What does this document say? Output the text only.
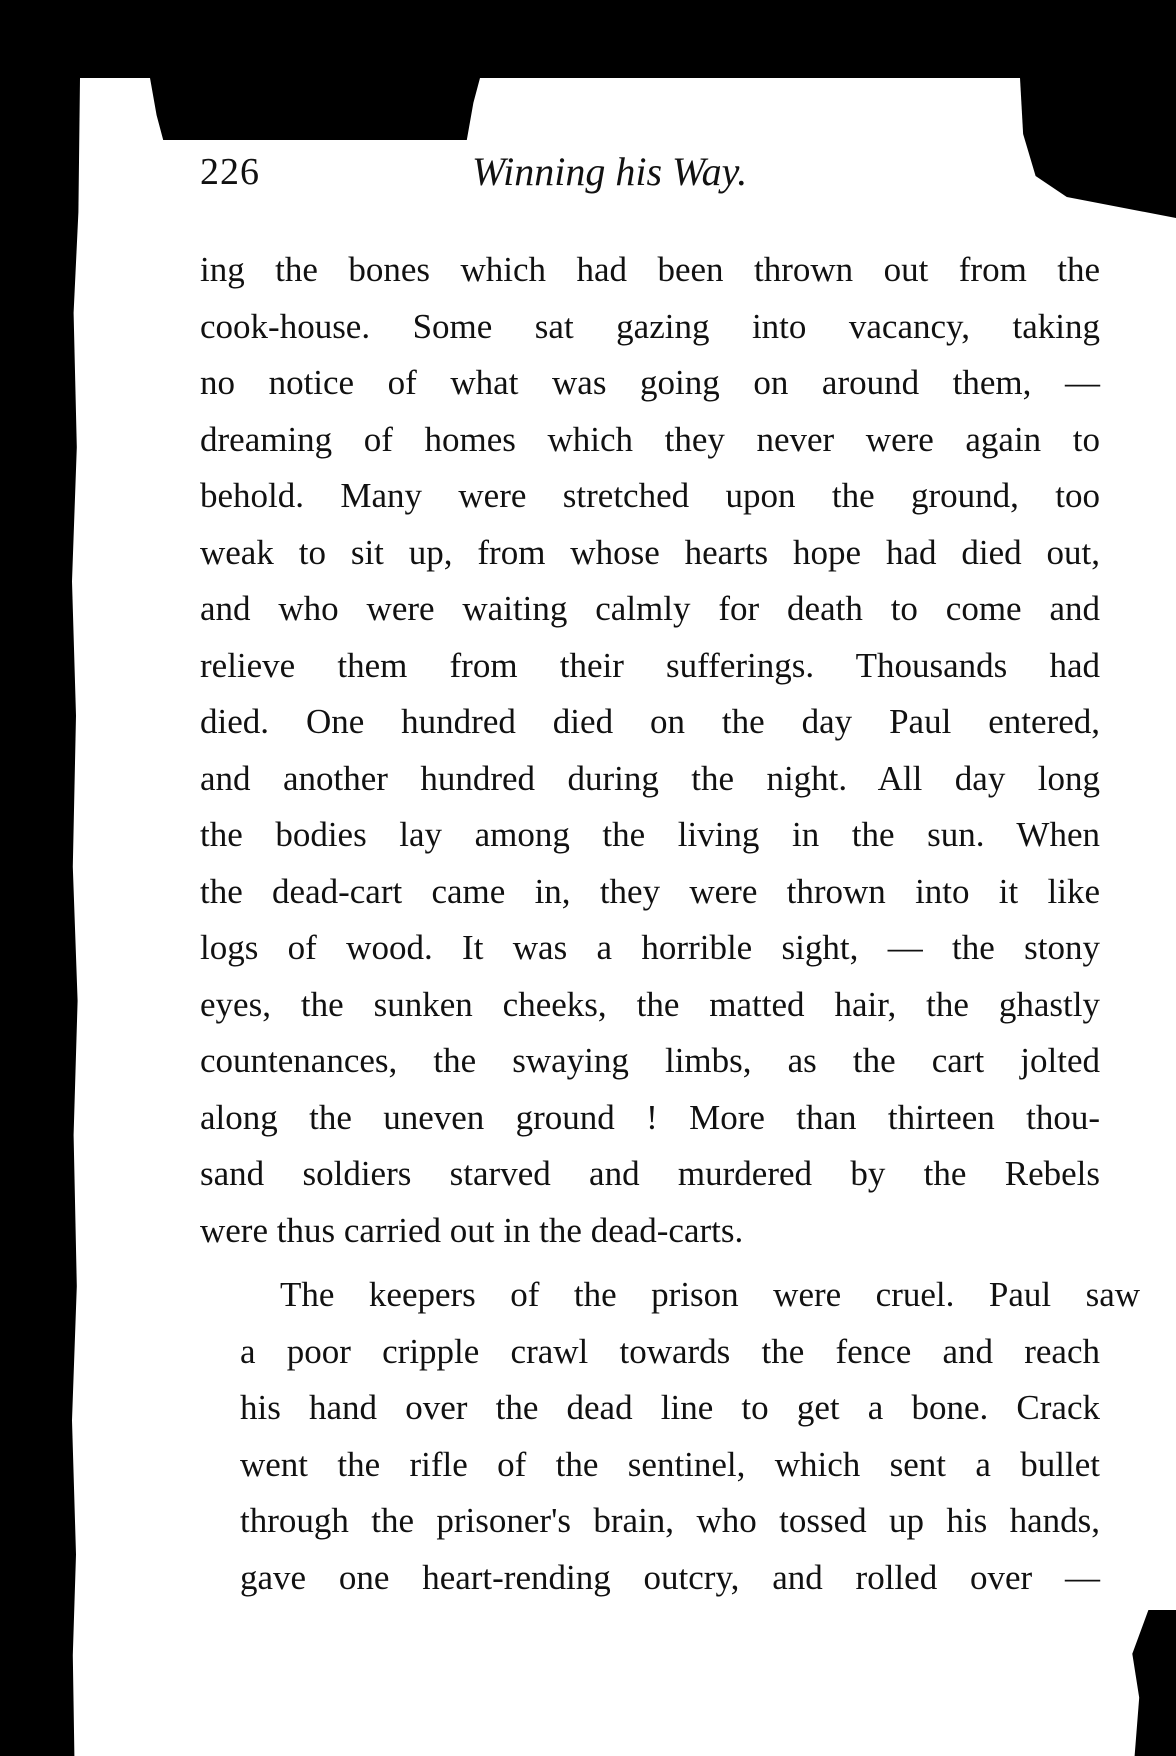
226	Winning his Way.

ing the bones which had been thrown out from the
cook-house. Some sat gazing into vacancy, taking
no notice of what was going on around them, —
dreaming of homes which they never were again to
behold. Many were stretched upon the ground, too
weak to sit up, from whose hearts hope had died out,
and who were waiting calmly for death to come and
relieve them from their sufferings. Thousands had
died. One hundred died on the day Paul entered,
and another hundred during the night. All day long
the bodies lay among the living in the sun. When
the dead-cart came in, they were thrown into it like
logs of wood. It was a horrible sight, — the stony
eyes, the sunken cheeks, the matted hair, the ghastly
countenances, the swaying limbs, as the cart jolted
along the uneven ground ! More than thirteen thou-
sand soldiers starved and murdered by the Rebels
were thus carried out in the dead-carts.

The keepers of the prison were cruel. Paul saw
a poor cripple crawl towards the fence and reach
his hand over the dead line to get a bone. Crack
went the rifle of the sentinel, which sent a bullet
through the prisoner's brain, who tossed up his hands,
gave one heart-rending outcry, and rolled over —
